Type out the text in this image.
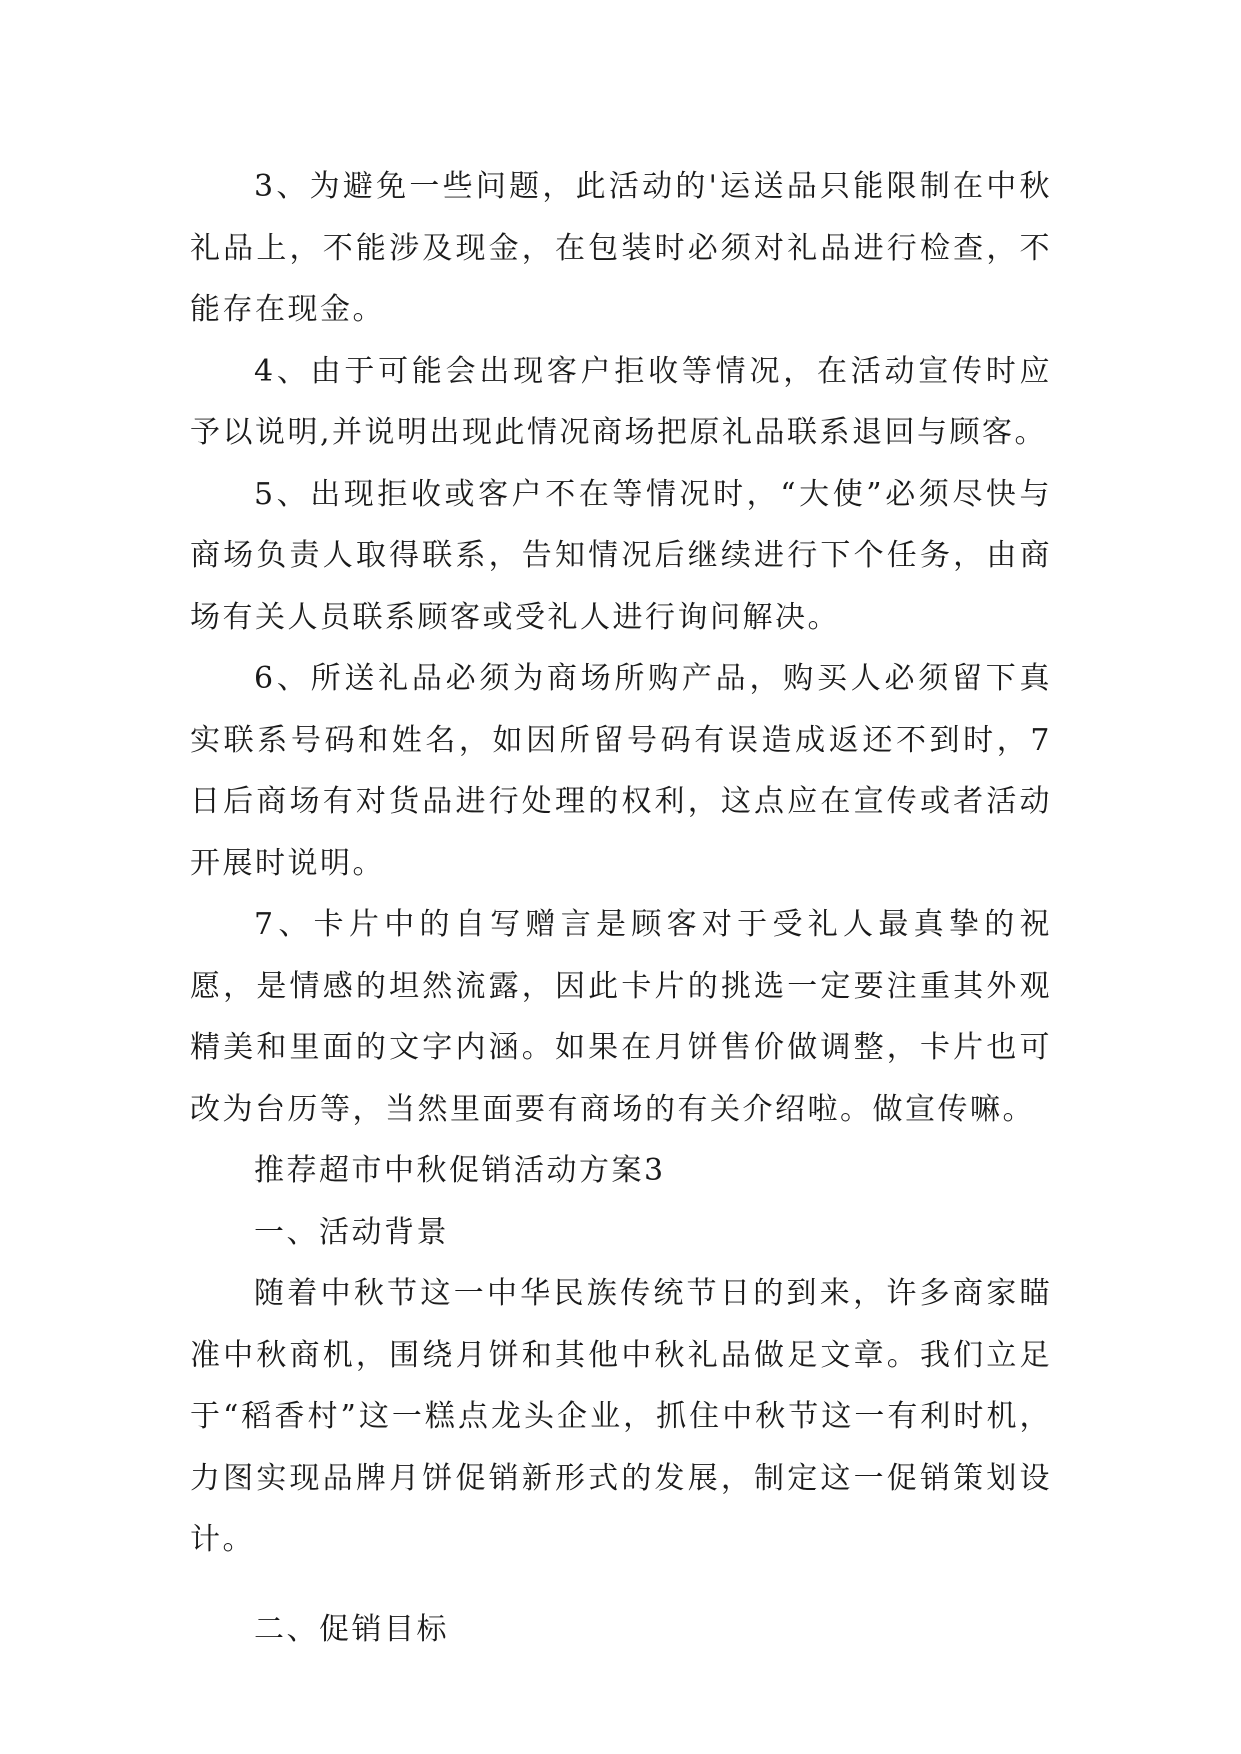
3、为避免一些问题，此活动的'运送品只能限制在中秋礼品上，不能涉及现金，在包装时必须对礼品进行检查，不能存在现金。

4、由于可能会出现客户拒收等情况，在活动宣传时应予以说明,并说明出现此情况商场把原礼品联系退回与顾客。

5、出现拒收或客户不在等情况时，“大使”必须尽快与商场负责人取得联系，告知情况后继续进行下个任务，由商场有关人员联系顾客或受礼人进行询问解决。

6、所送礼品必须为商场所购产品，购买人必须留下真实联系号码和姓名，如因所留号码有误造成返还不到时，7日后商场有对货品进行处理的权利，这点应在宣传或者活动开展时说明。

7、卡片中的自写赠言是顾客对于受礼人最真挚的祝愿，是情感的坦然流露，因此卡片的挑选一定要注重其外观精美和里面的文字内涵。如果在月饼售价做调整，卡片也可改为台历等，当然里面要有商场的有关介绍啦。做宣传嘛。

推荐超市中秋促销活动方案3

一、活动背景

随着中秋节这一中华民族传统节日的到来，许多商家瞄准中秋商机，围绕月饼和其他中秋礼品做足文章。我们立足于“稻香村”这一糕点龙头企业，抓住中秋节这一有利时机，力图实现品牌月饼促销新形式的发展，制定这一促销策划设计。

二、促销目标
